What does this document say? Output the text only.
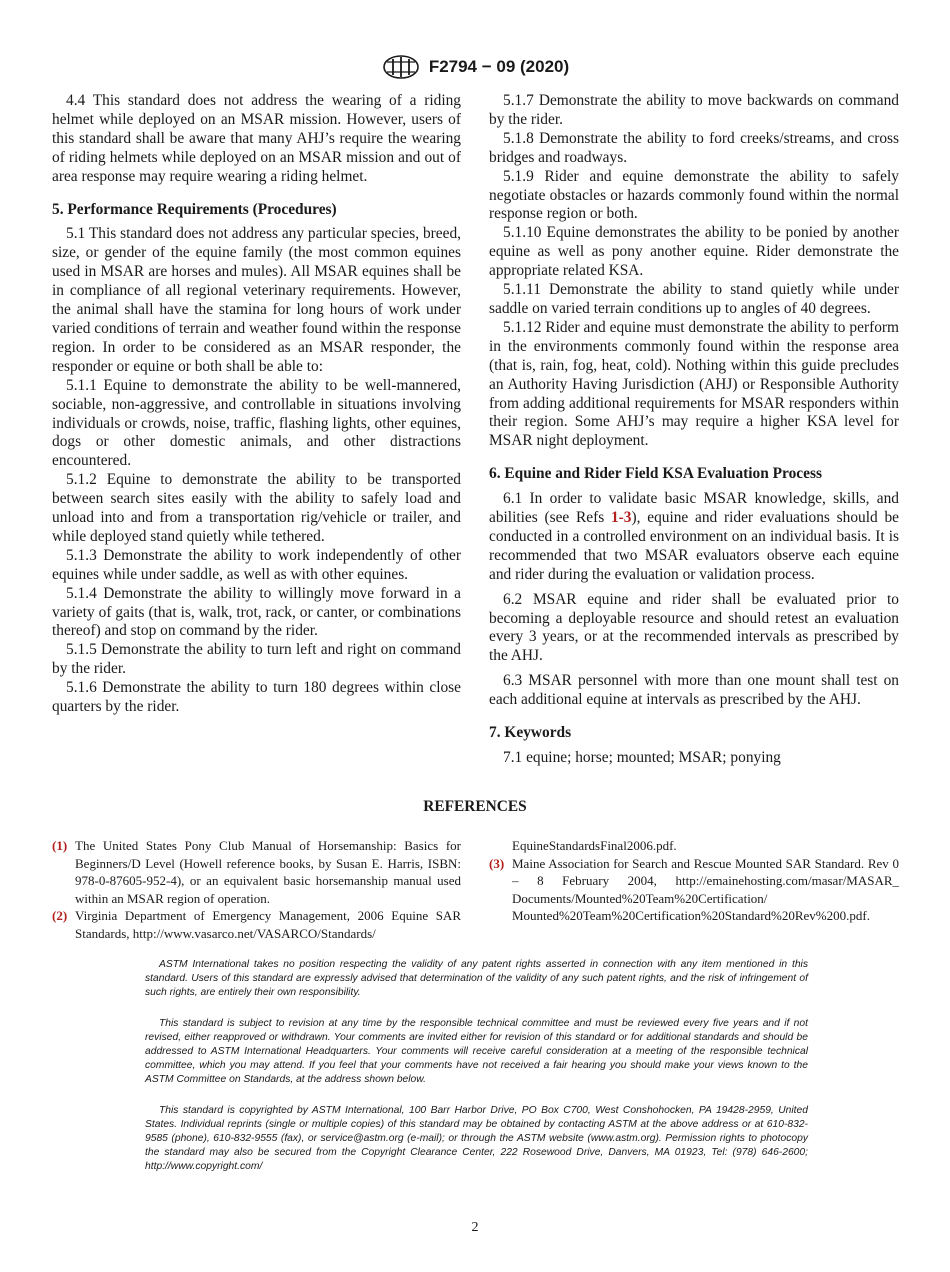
F2794 − 09 (2020)

4.4 This standard does not address the wearing of a riding helmet while deployed on an MSAR mission. However, users of this standard shall be aware that many AHJ’s require the wearing of riding helmets while deployed on an MSAR mission and out of area response may require wearing a riding helmet.

5. Performance Requirements (Procedures)

5.1 This standard does not address any particular species, breed, size, or gender of the equine family (the most common equines used in MSAR are horses and mules). All MSAR equines shall be in compliance of all regional veterinary requirements. However, the animal shall have the stamina for long hours of work under varied conditions of terrain and weather found within the response region. In order to be considered as an MSAR responder, the responder or equine or both shall be able to:

5.1.1 Equine to demonstrate the ability to be well-mannered, sociable, non-aggressive, and controllable in situations involving individuals or crowds, noise, traffic, flashing lights, other equines, dogs or other domestic animals, and other distractions encountered.

5.1.2 Equine to demonstrate the ability to be transported between search sites easily with the ability to safely load and unload into and from a transportation rig/vehicle or trailer, and while deployed stand quietly while tethered.

5.1.3 Demonstrate the ability to work independently of other equines while under saddle, as well as with other equines.

5.1.4 Demonstrate the ability to willingly move forward in a variety of gaits (that is, walk, trot, rack, or canter, or combinations thereof) and stop on command by the rider.

5.1.5 Demonstrate the ability to turn left and right on command by the rider.

5.1.6 Demonstrate the ability to turn 180 degrees within close quarters by the rider.

5.1.7 Demonstrate the ability to move backwards on command by the rider.

5.1.8 Demonstrate the ability to ford creeks/streams, and cross bridges and roadways.

5.1.9 Rider and equine demonstrate the ability to safely negotiate obstacles or hazards commonly found within the normal response region or both.

5.1.10 Equine demonstrates the ability to be ponied by another equine as well as pony another equine. Rider demonstrate the appropriate related KSA.

5.1.11 Demonstrate the ability to stand quietly while under saddle on varied terrain conditions up to angles of 40 degrees.

5.1.12 Rider and equine must demonstrate the ability to perform in the environments commonly found within the response area (that is, rain, fog, heat, cold). Nothing within this guide precludes an Authority Having Jurisdiction (AHJ) or Responsible Authority from adding additional requirements for MSAR responders within their region. Some AHJ’s may require a higher KSA level for MSAR night deployment.

6. Equine and Rider Field KSA Evaluation Process

6.1 In order to validate basic MSAR knowledge, skills, and abilities (see Refs 1-3), equine and rider evaluations should be conducted in a controlled environment on an individual basis. It is recommended that two MSAR evaluators observe each equine and rider during the evaluation or validation process.

6.2 MSAR equine and rider shall be evaluated prior to becoming a deployable resource and should retest an evaluation every 3 years, or at the recommended intervals as prescribed by the AHJ.

6.3 MSAR personnel with more than one mount shall test on each additional equine at intervals as prescribed by the AHJ.

7. Keywords

7.1 equine; horse; mounted; MSAR; ponying

REFERENCES
(1) The United States Pony Club Manual of Horsemanship: Basics for Beginners/D Level (Howell reference books, by Susan E. Harris, ISBN: 978-0-87605-952-4), or an equivalent basic horsemanship manual used within an MSAR region of operation.
(2) Virginia Department of Emergency Management, 2006 Equine SAR Standards, http://www.vasarco.net/VASARCO/Standards/
EquineStandardsFinal2006.pdf.
(3) Maine Association for Search and Rescue Mounted SAR Standard. Rev 0 – 8 February 2004, http://emainehosting.com/masar/MASAR_ Documents/Mounted%20Team%20Certification/ Mounted%20Team%20Certification%20Standard%20Rev%200.pdf.

ASTM International takes no position respecting the validity of any patent rights asserted in connection with any item mentioned in this standard. Users of this standard are expressly advised that determination of the validity of any such patent rights, and the risk of infringement of such rights, are entirely their own responsibility.

This standard is subject to revision at any time by the responsible technical committee and must be reviewed every five years and if not revised, either reapproved or withdrawn. Your comments are invited either for revision of this standard or for additional standards and should be addressed to ASTM International Headquarters. Your comments will receive careful consideration at a meeting of the responsible technical committee, which you may attend. If you feel that your comments have not received a fair hearing you should make your views known to the ASTM Committee on Standards, at the address shown below.

This standard is copyrighted by ASTM International, 100 Barr Harbor Drive, PO Box C700, West Conshohocken, PA 19428-2959, United States. Individual reprints (single or multiple copies) of this standard may be obtained by contacting ASTM at the above address or at 610-832-9585 (phone), 610-832-9555 (fax), or service@astm.org (e-mail); or through the ASTM website (www.astm.org). Permission rights to photocopy the standard may also be secured from the Copyright Clearance Center, 222 Rosewood Drive, Danvers, MA 01923, Tel: (978) 646-2600; http://www.copyright.com/

2
